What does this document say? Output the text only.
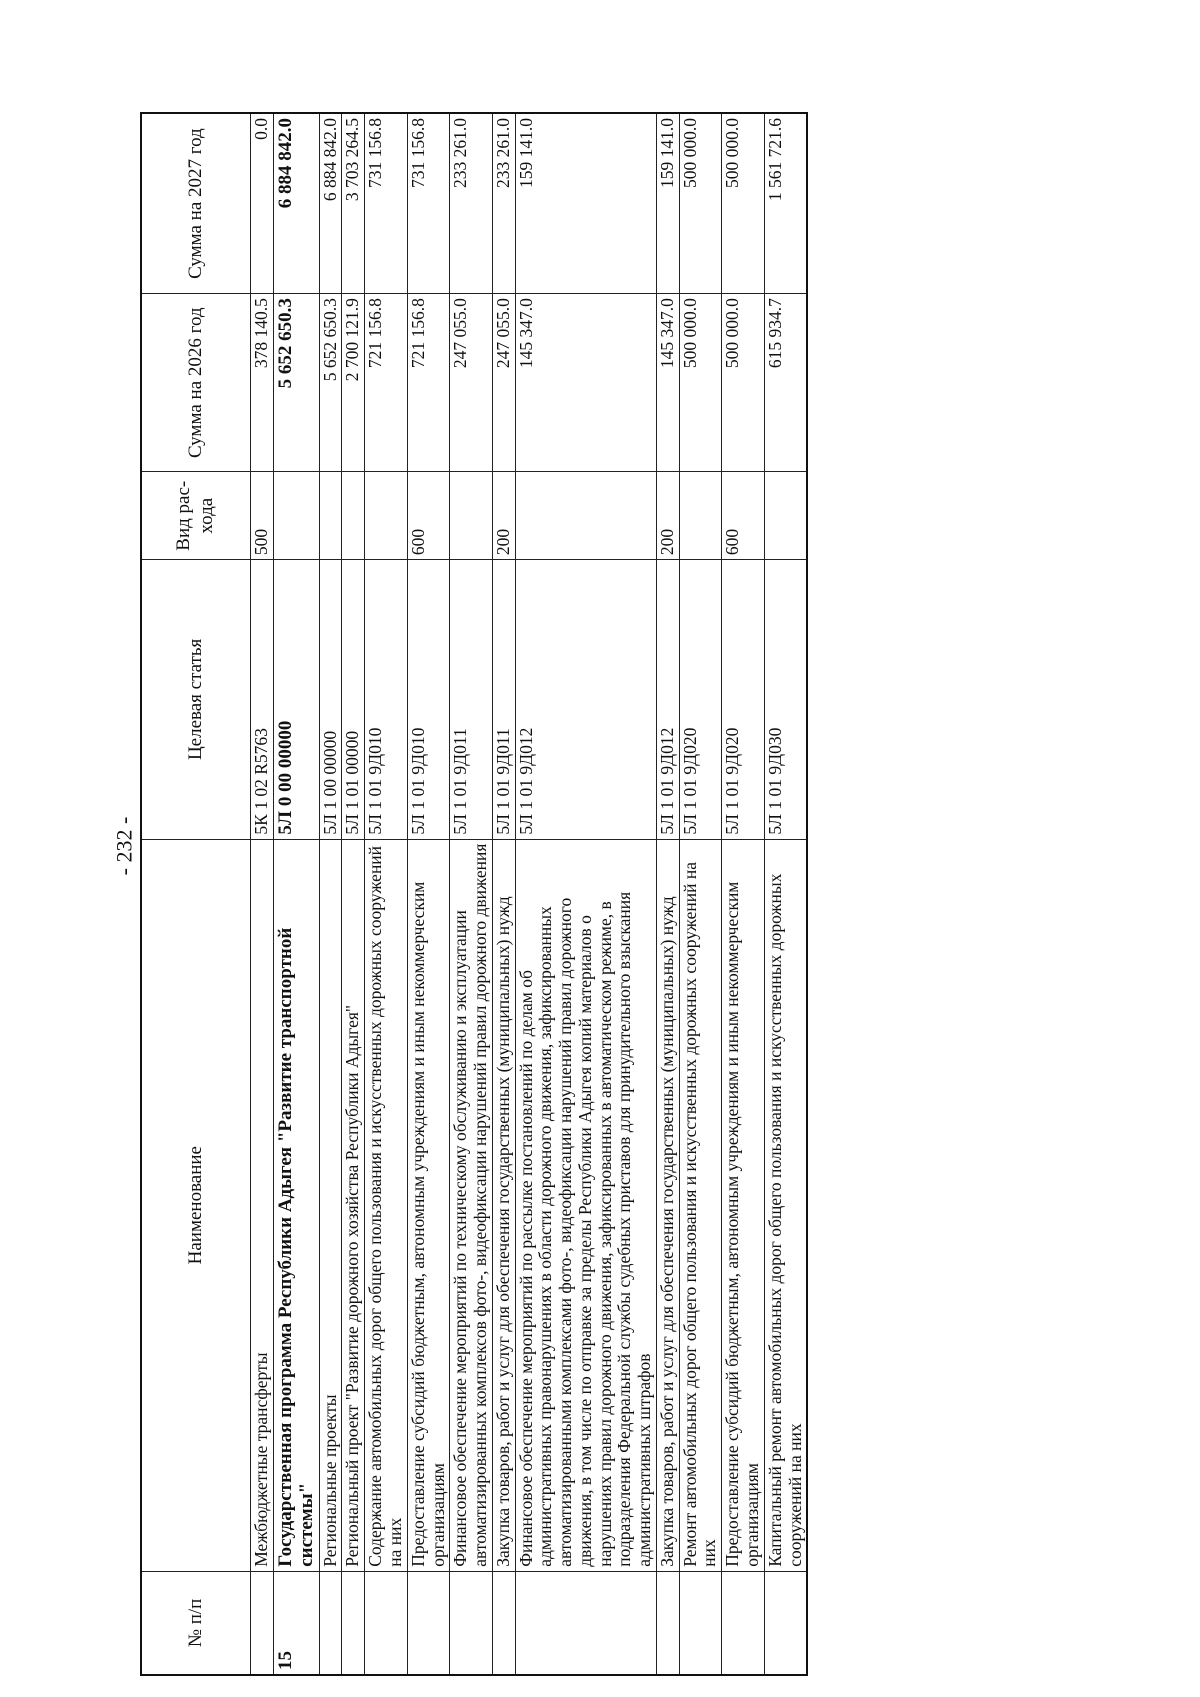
- 232 -
№ п/п	Наименование	Целевая статья	Вид рас-хода	Сумма на 2026 год	Сумма на 2027 год
	Межбюджетные трансферты	5К 1 02 R5763	500	378 140.5	0.0
15	Государственная программа Республики Адыгея "Развитие транспортной системы"	5Л 0 00 00000		5 652 650.3	6 884 842.0
	Региональные проекты	5Л 1 00 00000		5 652 650.3	6 884 842.0
	Региональный проект "Развитие дорожного хозяйства Республики Адыгея"	5Л 1 01 00000		2 700 121.9	3 703 264.5
	Содержание автомобильных дорог общего пользования и искусственных дорожных сооружений на них	5Л 1 01 9Д010		721 156.8	731 156.8
	Предоставление субсидий бюджетным, автономным учреждениям и иным некоммерческим организациям	5Л 1 01 9Д010	600	721 156.8	731 156.8
	Финансовое обеспечение мероприятий по техническому обслуживанию и эксплуатации автоматизированных комплексов фото-, видеофиксации нарушений правил дорожного движения	5Л 1 01 9Д011		247 055.0	233 261.0
	Закупка товаров, работ и услуг для обеспечения государственных (муниципальных) нужд	5Л 1 01 9Д011	200	247 055.0	233 261.0
	Финансовое обеспечение мероприятий по рассылке постановлений по делам об административных правонарушениях в области дорожного движения, зафиксированных автоматизированными комплексами фото-, видеофиксации нарушений правил дорожного движения, в том числе по отправке за пределы Республики Адыгея копий материалов о нарушениях правил дорожного движения, зафиксированных в автоматическом режиме, в подразделения Федеральной службы судебных приставов для принудительного взыскания административных штрафов	5Л 1 01 9Д012		145 347.0	159 141.0
	Закупка товаров, работ и услуг для обеспечения государственных (муниципальных) нужд	5Л 1 01 9Д012	200	145 347.0	159 141.0
	Ремонт автомобильных дорог общего пользования и искусственных дорожных сооружений на них	5Л 1 01 9Д020		500 000.0	500 000.0
	Предоставление субсидий бюджетным, автономным учреждениям и иным некоммерческим организациям	5Л 1 01 9Д020	600	500 000.0	500 000.0
	Капитальный ремонт автомобильных дорог общего пользования и искусственных дорожных сооружений на них	5Л 1 01 9Д030		615 934.7	1 561 721.6
